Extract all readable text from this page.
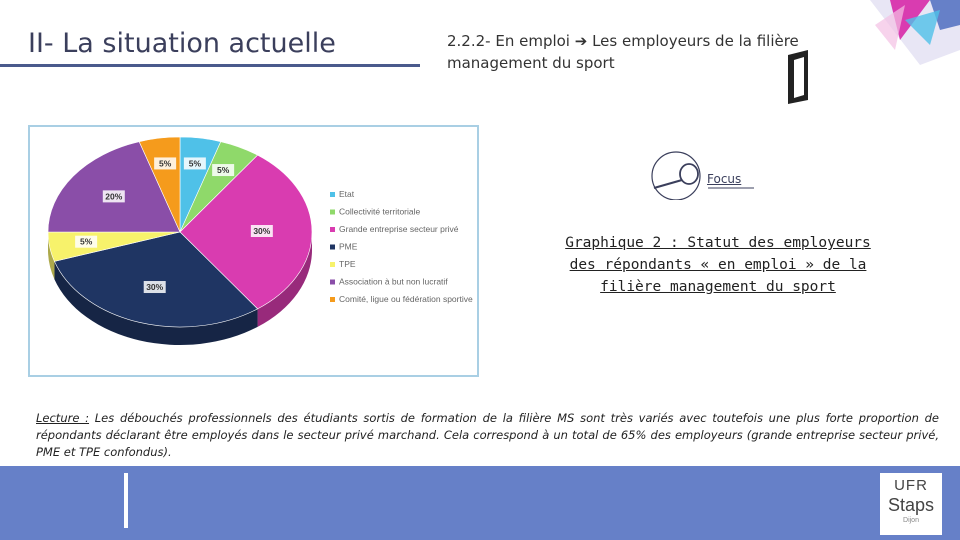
II- La situation actuelle	2.2.2- En emploi ➔ Les employeurs de la filière management du sport
5%
5%
30%
30%
5%
20%
5%
Etat
Collectivité territoriale
Grande entreprise secteur privé
PME
TPE
Association à but non lucratif
Comité, ligue ou fédération sportive
Focus
Graphique 2 : Statut des employeurs des répondants « en emploi » de la filière management du sport
Lecture : Les débouchés professionnels des étudiants sortis de formation de la filière MS sont très variés avec toutefois une plus forte proportion de répondants déclarant être employés dans le secteur privé marchand. Cela correspond à un total de 65% des employeurs (grande entreprise secteur privé, PME et TPE confondus).
UFR
Staps
Dijon
